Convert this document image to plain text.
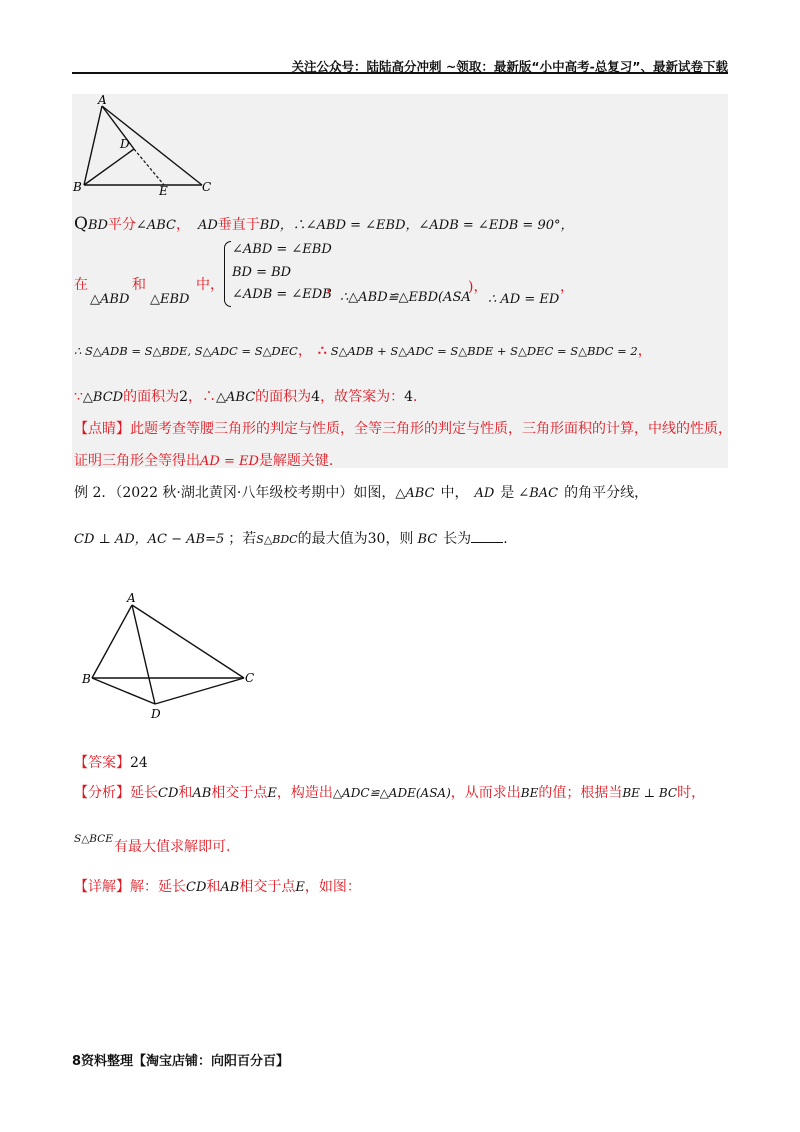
关注公众号：陆陆高分冲刺 ~领取：最新版“小中高考-总复习”、最新试卷下载
A
D
B	E	C
QBD平分∠ABC， AD垂直于BD，∴∠ABD = ∠EBD，∠ADB = ∠EDB = 90°，
在	和	中，
△ABD △EBD
∠ABD = ∠EBD
BD = BD
∠ADB = ∠EDB
，
∴△ABD≌△EBD(ASA
)，
∴ AD = ED
，
∴ S△ADB = S△BDE, S△ADC = S△DEC， ∴ S△ADB + S△ADC = S△BDE + S△DEC = S△BDC = 2，
∵△BCD的面积为2，∴△ABC的面积为4，故答案为：4．
【点睛】此题考查等腰三角形的判定与性质，全等三角形的判定与性质，三角形面积的计算，中线的性质，
证明三角形全等得出AD = ED是解题关键.
例 2．（2022 秋·湖北黄冈·八年级校考期中）如图，△ABC 中， AD 是 ∠BAC 的角平分线，
CD ⊥ AD，AC − AB=5 ；若S△BDC的最大值为30，则 BC 长为 .
A
B	C
D
【答案】24
【分析】延长CD和AB相交于点E，构造出△ADC≌△ADE(ASA)，从而求出BE的值；根据当BE ⊥ BC时，
S△BCE 有最大值求解即可.
【详解】解：延长CD和AB相交于点E，如图：
8资料整理【淘宝店铺：向阳百分百】
